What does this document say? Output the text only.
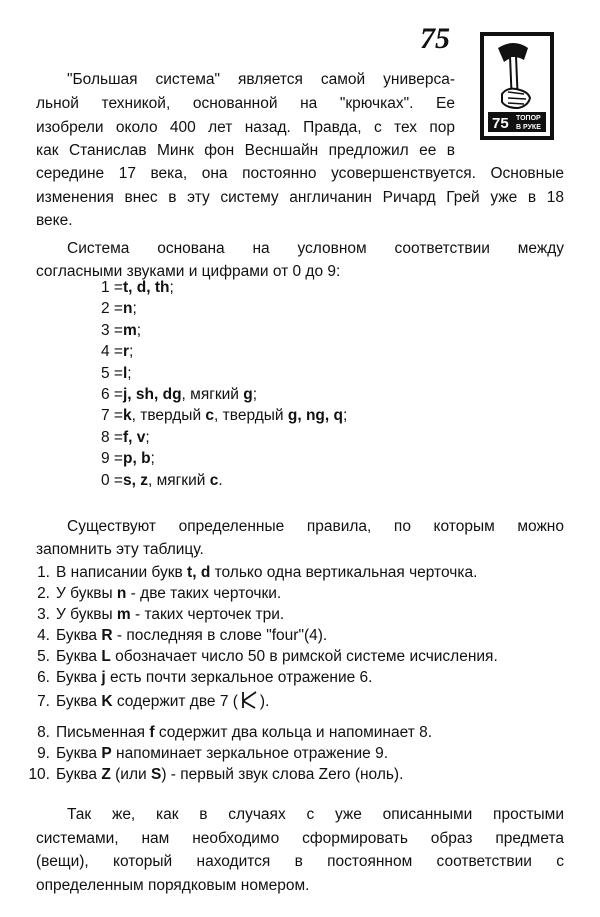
75
75 ТОПОР
В РУКЕ
"Большая система" является самой универса-
льной техникой, основанной на "крючках". Ее
изобрели около 400 лет назад. Правда, с тех пор
как Станислав Минк фон Весншайн предложил ее в
середине 17 века, она постоянно усовершенствуется. Основные
изменения внес в эту систему англичанин Ричард Грей уже в 18
веке.
Система основана на условном соответствии между
согласными звуками и цифрами от 0 до 9:
1 =t, d, th;
2 =n;
3 =m;
4 =r;
5 =l;
6 =j, sh, dg, мягкий g;
7 =k, твердый c, твердый g, ng, q;
8 =f, v;
9 =p, b;
0 =s, z, мягкий c.
Существуют определенные правила, по которым можно
запомнить эту таблицу.
1. В написании букв t, d только одна вертикальная черточка.
2. У буквы n - две таких черточки.
3. У буквы m - таких черточек три.
4. Буква R - последняя в слове "four"(4).
5. Буква L обозначает число 50 в римской системе исчисления.
6. Буква j есть почти зеркальное отражение 6.
7. Буква K содержит две 7 ( ).
8. Письменная f содержит два кольца и напоминает 8.
9. Буква P напоминает зеркальное отражение 9.
10. Буква Z (или S) - первый звук слова Zero (ноль).
Так же, как в случаях с уже описанными простыми
системами, нам необходимо сформировать образ предмета
(вещи), который находится в постоянном соответствии с
определенным порядковым номером.
